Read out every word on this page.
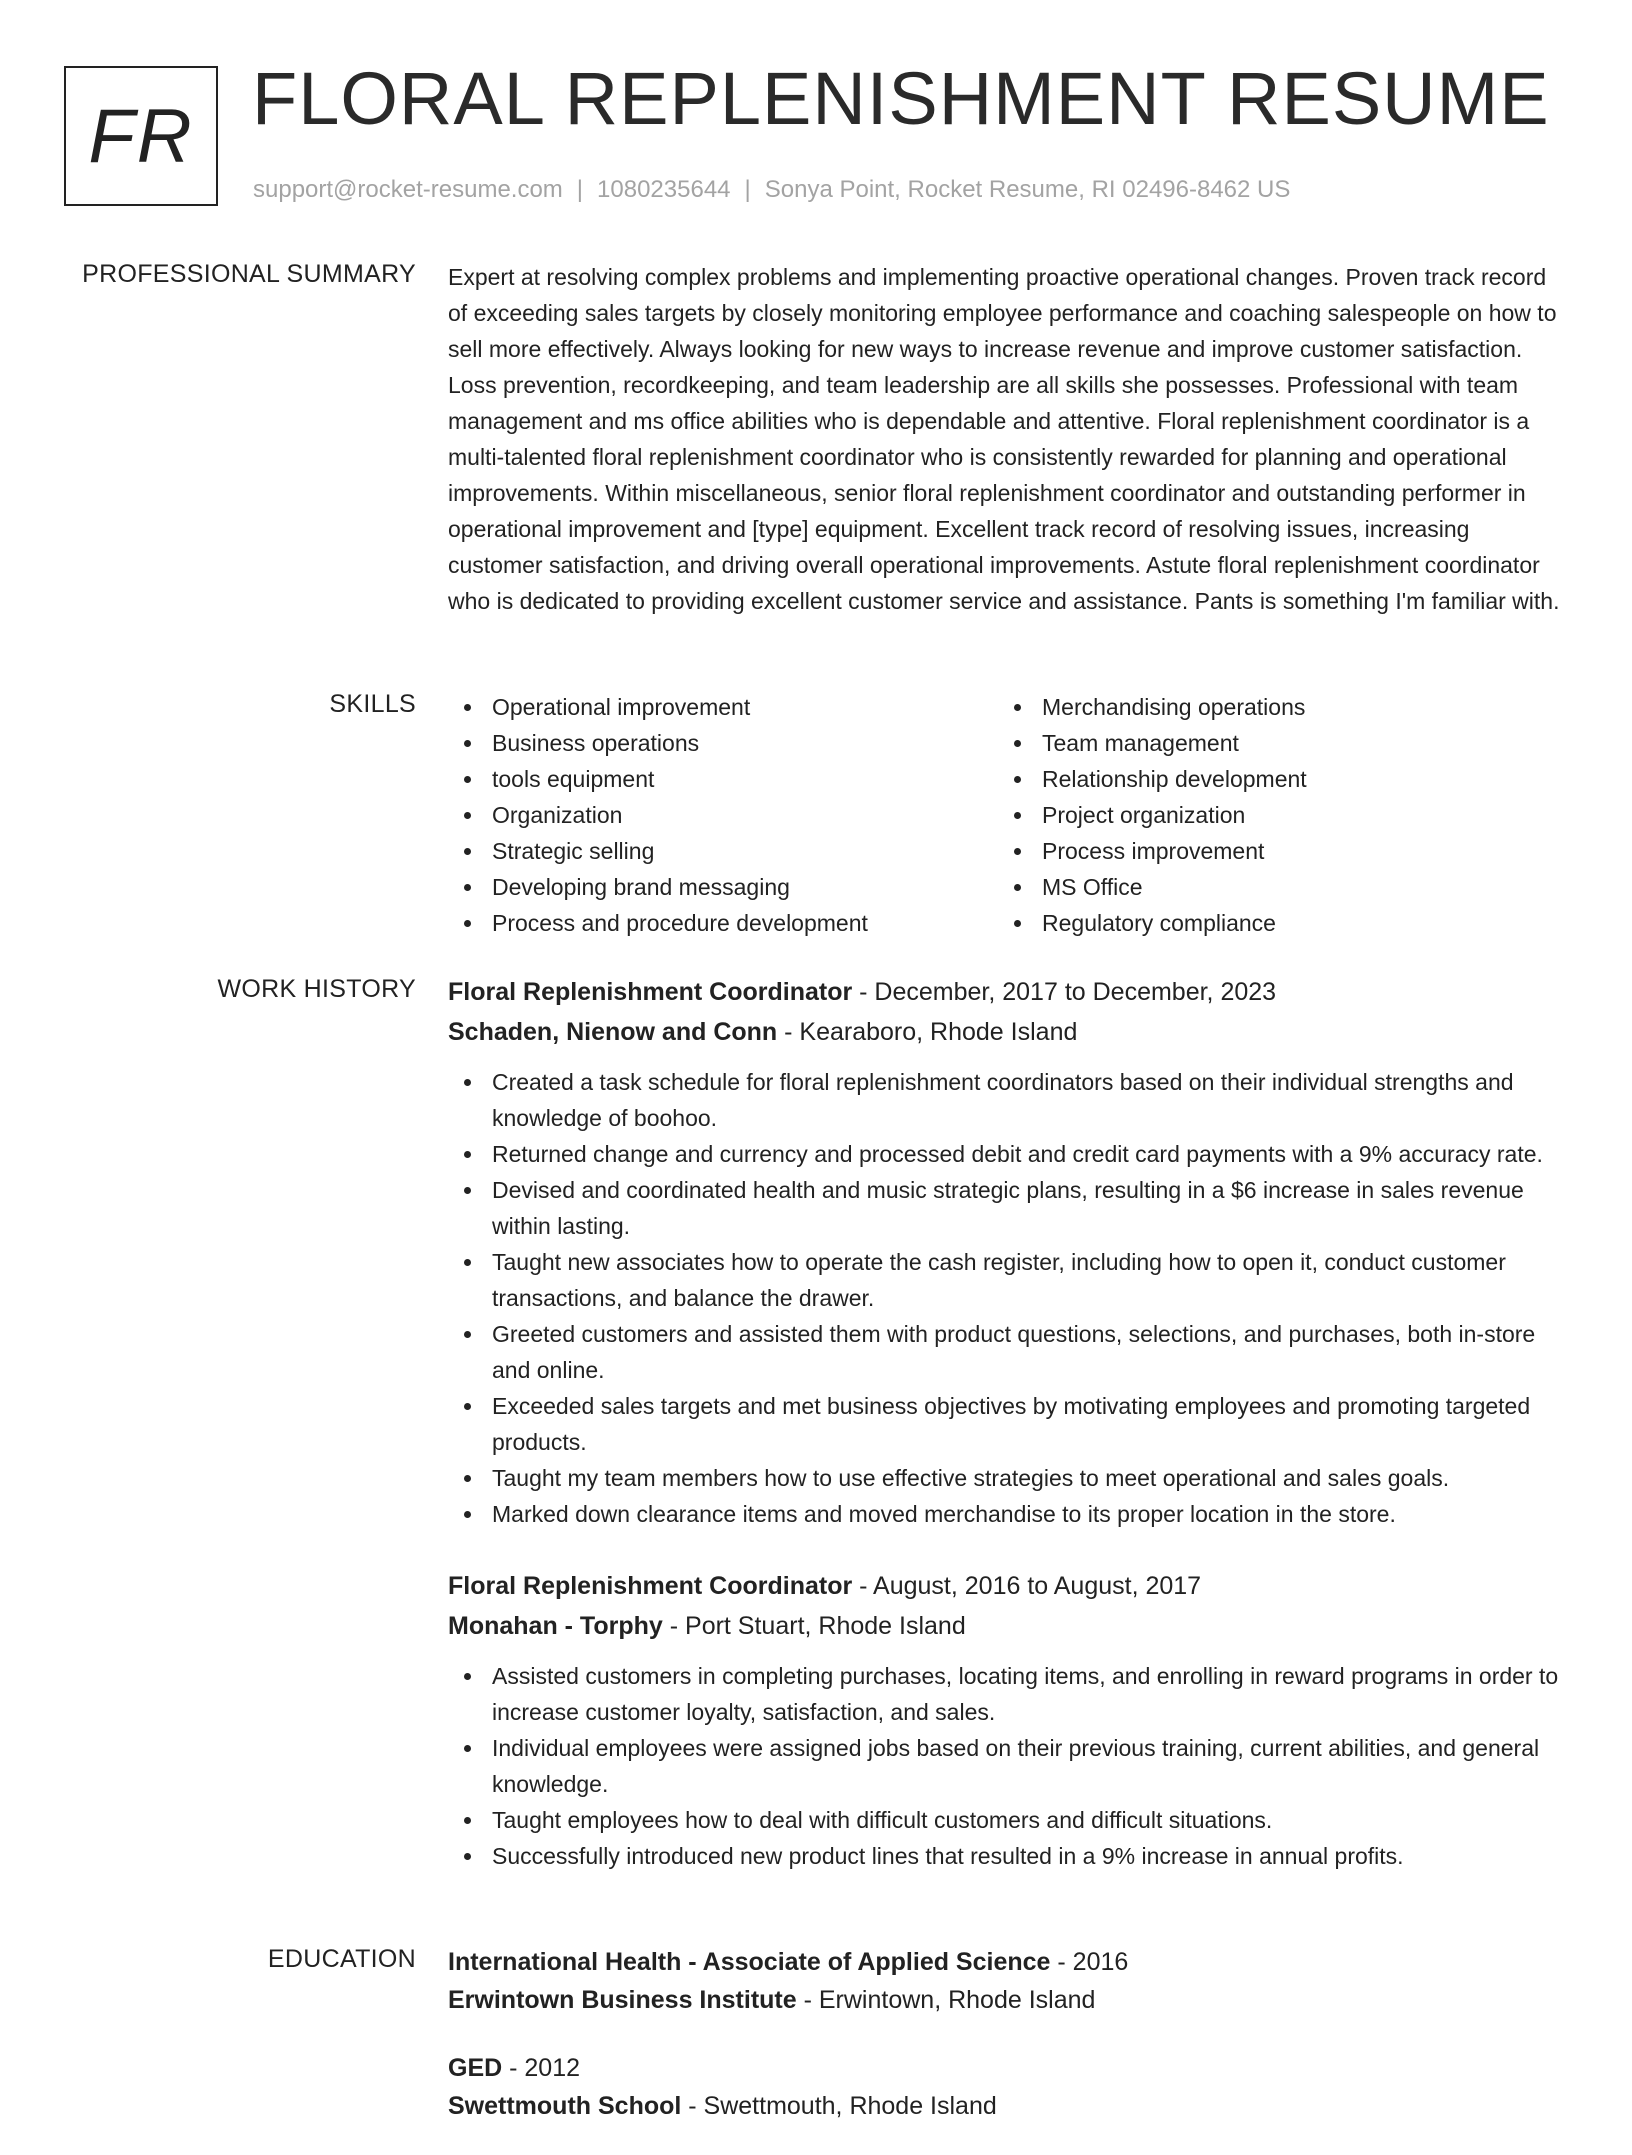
FR FLORAL REPLENISHMENT RESUME
support@rocket-resume.com | 1080235644 | Sonya Point, Rocket Resume, RI 02496-8462 US
PROFESSIONAL SUMMARY Expert at resolving complex problems and implementing proactive operational changes. Proven track record of exceeding sales targets by closely monitoring employee performance and coaching salespeople on how to sell more effectively. Always looking for new ways to increase revenue and improve customer satisfaction. Loss prevention, recordkeeping, and team leadership are all skills she possesses. Professional with team management and ms office abilities who is dependable and attentive. Floral replenishment coordinator is a multi-talented floral replenishment coordinator who is consistently rewarded for planning and operational improvements. Within miscellaneous, senior floral replenishment coordinator and outstanding performer in operational improvement and [type] equipment. Excellent track record of resolving issues, increasing customer satisfaction, and driving overall operational improvements. Astute floral replenishment coordinator who is dedicated to providing excellent customer service and assistance. Pants is something I'm familiar with.

SKILLS	Operational improvement
Business operations
tools equipment
Organization
Strategic selling
Developing brand messaging
Process and procedure development
Merchandising operations
Team management
Relationship development
Project organization
Process improvement
MS Office
Regulatory compliance
WORK HISTORY Floral Replenishment Coordinator - December, 2017 to December, 2023
Schaden, Nienow and Conn - Kearaboro, Rhode Island
Created a task schedule for floral replenishment coordinators based on their individual strengths and knowledge of boohoo.
Returned change and currency and processed debit and credit card payments with a 9% accuracy rate.
Devised and coordinated health and music strategic plans, resulting in a $6 increase in sales revenue within lasting.
Taught new associates how to operate the cash register, including how to open it, conduct customer transactions, and balance the drawer.
Greeted customers and assisted them with product questions, selections, and purchases, both in-store and online.
Exceeded sales targets and met business objectives by motivating employees and promoting targeted products.
Taught my team members how to use effective strategies to meet operational and sales goals.
Marked down clearance items and moved merchandise to its proper location in the store.
Floral Replenishment Coordinator - August, 2016 to August, 2017
Monahan - Torphy - Port Stuart, Rhode Island
Assisted customers in completing purchases, locating items, and enrolling in reward programs in order to increase customer loyalty, satisfaction, and sales.
Individual employees were assigned jobs based on their previous training, current abilities, and general knowledge.
Taught employees how to deal with difficult customers and difficult situations.
Successfully introduced new product lines that resulted in a 9% increase in annual profits.
EDUCATION International Health - Associate of Applied Science - 2016
Erwintown Business Institute - Erwintown, Rhode Island
GED - 2012
Swettmouth School - Swettmouth, Rhode Island
